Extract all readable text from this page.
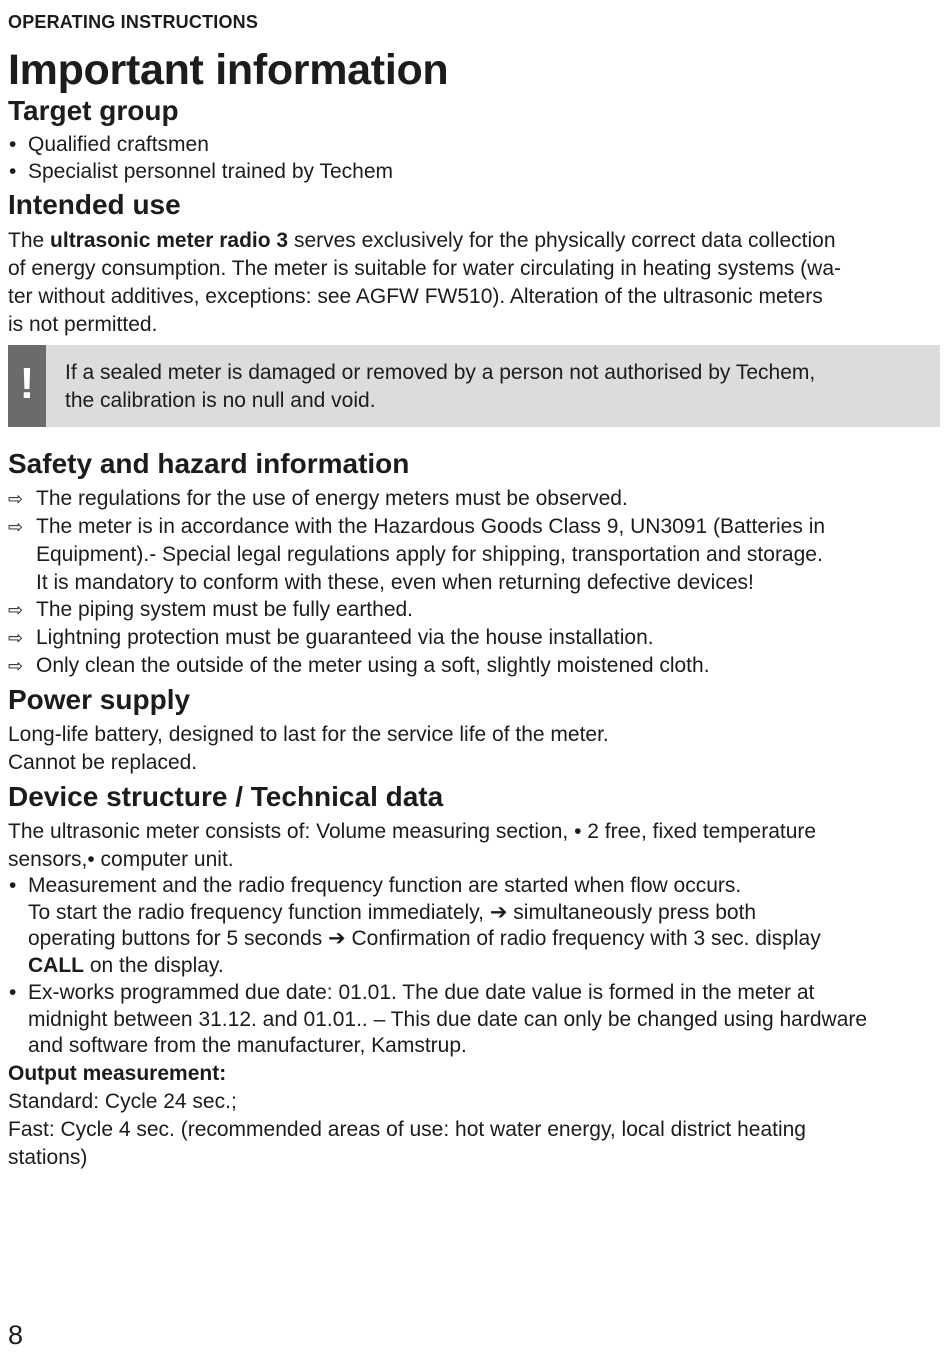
OPERATING INSTRUCTIONS
Important information
Target group
• Qualified craftsmen
• Specialist personnel trained by Techem
Intended use
The ultrasonic meter radio 3 serves exclusively for the physically correct data collection
of energy consumption. The meter is suitable for water circulating in heating systems (wa-
ter without additives, exceptions: see AGFW FW510). Alteration of the ultrasonic meters
is not permitted.
!	If a sealed meter is damaged or removed by a person not authorised by Techem,
the calibration is no null and void.
Safety and hazard information
⇨ The regulations for the use of energy meters must be observed.
⇨ The meter is in accordance with the Hazardous Goods Class 9, UN3091 (Batteries in
Equipment).- Special legal regulations apply for shipping, transportation and storage.
It is mandatory to conform with these, even when returning defective devices!
⇨ The piping system must be fully earthed.
⇨ Lightning protection must be guaranteed via the house installation.
⇨ Only clean the outside of the meter using a soft, slightly moistened cloth.
Power supply
Long-life battery, designed to last for the service life of the meter.
Cannot be replaced.
Device structure / Technical data
The ultrasonic meter consists of: Volume measuring section, • 2 free, fixed temperature
sensors,• computer unit.
• Measurement and the radio frequency function are started when flow occurs.
To start the radio frequency function immediately, ➔ simultaneously press both
operating buttons for 5 seconds ➔ Confirmation of radio frequency with 3 sec. display
CALL on the display.
• Ex-works programmed due date: 01.01. The due date value is formed in the meter at
midnight between 31.12. and 01.01.. – This due date can only be changed using hardware
and software from the manufacturer, Kamstrup.
Output measurement:
Standard: Cycle 24 sec.;
Fast: Cycle 4 sec. (recommended areas of use: hot water energy, local district heating
stations)
8
